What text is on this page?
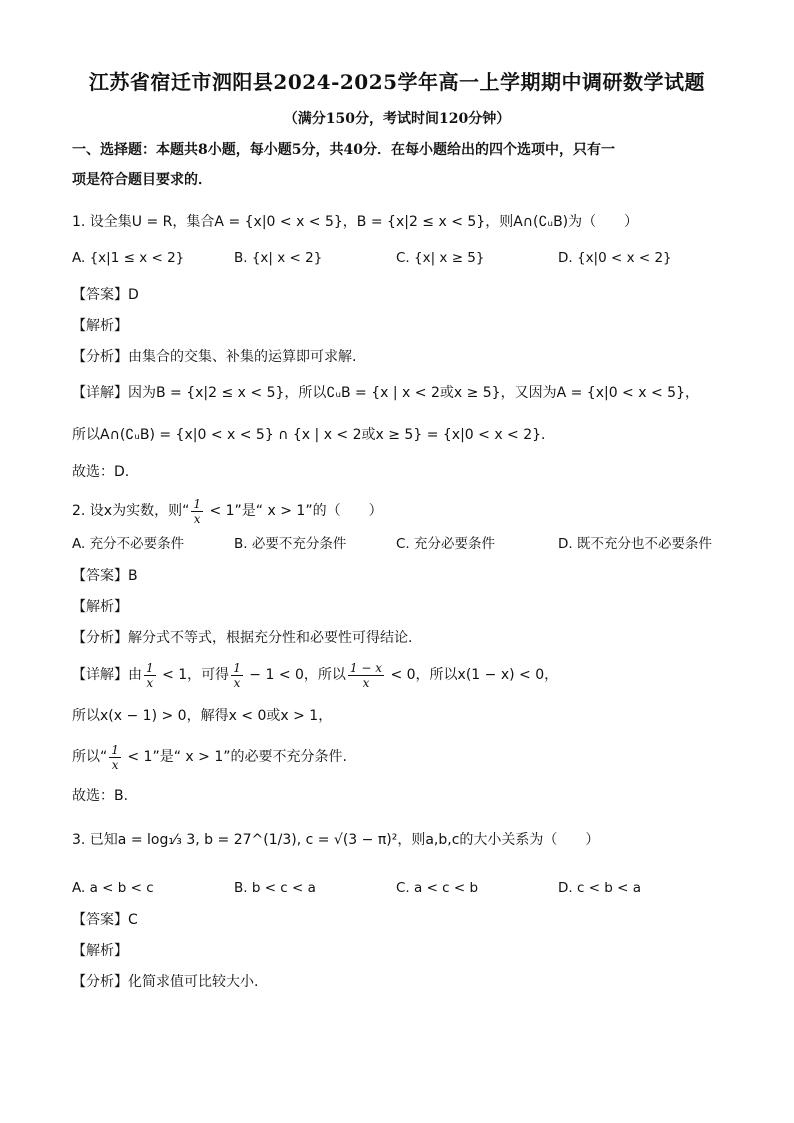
江苏省宿迁市泗阳县2024-2025学年高一上学期期中调研数学试题
（满分150分，考试时间120分钟）
一、选择题：本题共8小题，每小题5分，共40分．在每小题给出的四个选项中，只有一
项是符合题目要求的．
1. 设全集U = R，集合A = {x|0 < x < 5}，B = {x|2 ≤ x < 5}，则A∩(∁ᵤB)为（　　）
A. {x|1 ≤ x < 2}	B. {x| x < 2}	C. {x| x ≥ 5}	D. {x|0 < x < 2}
【答案】D
【解析】
【分析】由集合的交集、补集的运算即可求解.
【详解】因为B = {x|2 ≤ x < 5}，所以∁ᵤB = {x | x < 2或x ≥ 5}，又因为A = {x|0 < x < 5}，
所以A∩(∁ᵤB) = {x|0 < x < 5} ∩ {x | x < 2或x ≥ 5} = {x|0 < x < 2}．
故选：D.
2. 设x为实数，则“ $\frac{1}{x} < 1$”是“ x > 1”的（　　）
A. 充分不必要条件	B. 必要不充分条件	C. 充分必要条件	D. 既不充分也不必要条件
【答案】B
【解析】
【分析】解分式不等式，根据充分性和必要性可得结论.
【详解】由 $\frac{1}{x} < 1$，可得 $\frac{1}{x} - 1 < 0$，所以 $\frac{1 - x}{x} < 0$，所以x(1 − x) < 0，
所以x(x − 1) > 0，解得x < 0或x > 1，
所以“ $\frac{1}{x} < 1$”是“ x > 1”的必要不充分条件.
故选：B.
3. 已知a = log₁⁄₃ 3, b = 27^(1/3), c = √(3 − π)²，则a,b,c的大小关系为（　　）
A. a < b < c	B. b < c < a	C. a < c < b	D. c < b < a
【答案】C
【解析】
【分析】化简求值可比较大小.
